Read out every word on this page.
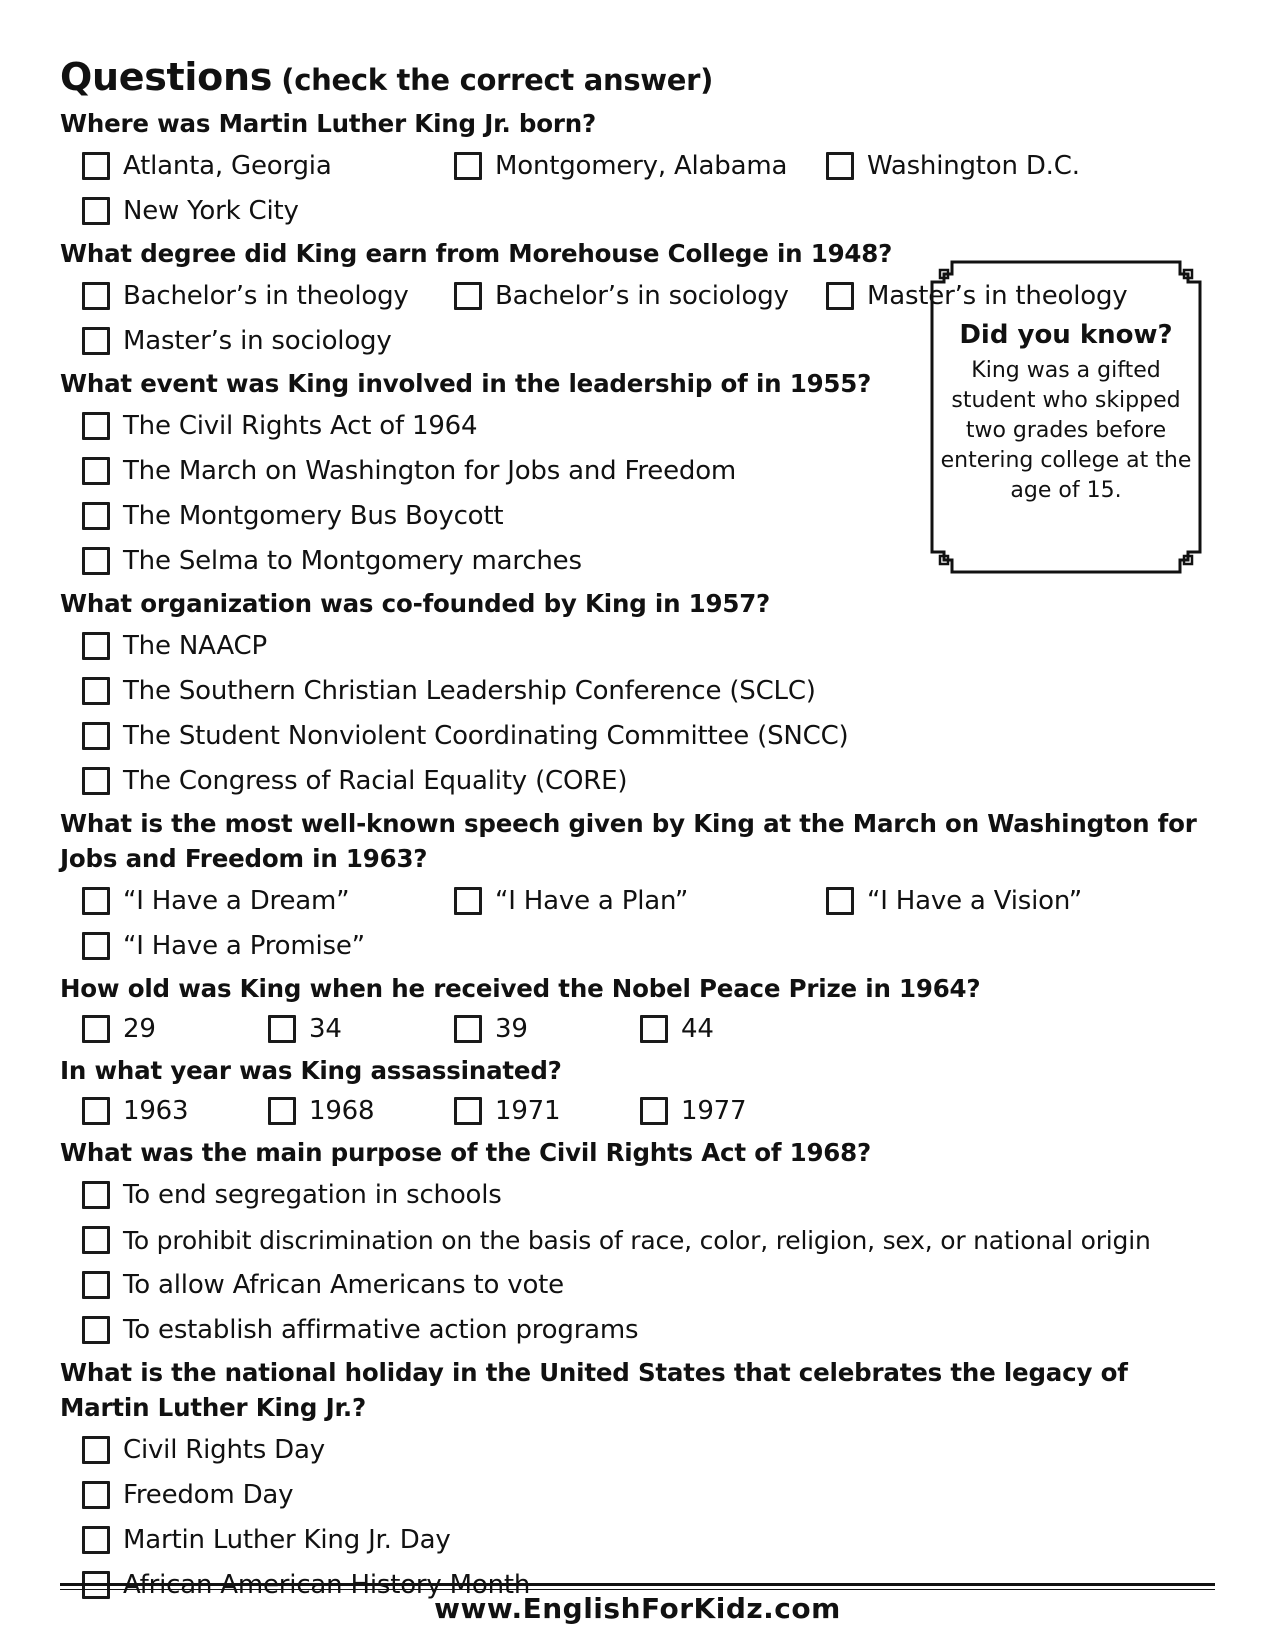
Questions (check the correct answer)

Where was Martin Luther King Jr. born?

Atlanta, Georgia	Montgomery, Alabama	Washington D.C.
New York City

What degree did King earn from Morehouse College in 1948?

Bachelor’s in theology	Bachelor’s in sociology	Master’s in theology
Master’s in sociology

What event was King involved in the leadership of in 1955?

The Civil Rights Act of 1964
The March on Washington for Jobs and Freedom
The Montgomery Bus Boycott
The Selma to Montgomery marches

What organization was co-founded by King in 1957?

The NAACP
The Southern Christian Leadership Conference (SCLC)
The Student Nonviolent Coordinating Committee (SNCC)
The Congress of Racial Equality (CORE)

What is the most well-known speech given by King at the March on Washington for Jobs and Freedom in 1963?

“I Have a Dream”	“I Have a Plan”	“I Have a Vision”
“I Have a Promise”

How old was King when he received the Nobel Peace Prize in 1964?

29	34	39	44

In what year was King assassinated?

1963	1968	1971	1977

What was the main purpose of the Civil Rights Act of 1968?

To end segregation in schools
To prohibit discrimination on the basis of race, color, religion, sex, or national origin
To allow African Americans to vote
To establish affirmative action programs

What is the national holiday in the United States that celebrates the legacy of Martin Luther King Jr.?

Civil Rights Day
Freedom Day
Martin Luther King Jr. Day
Did you know?
King was a gifted student who skipped two grades before entering college at the age of 15.
www.EnglishForKidz.com
